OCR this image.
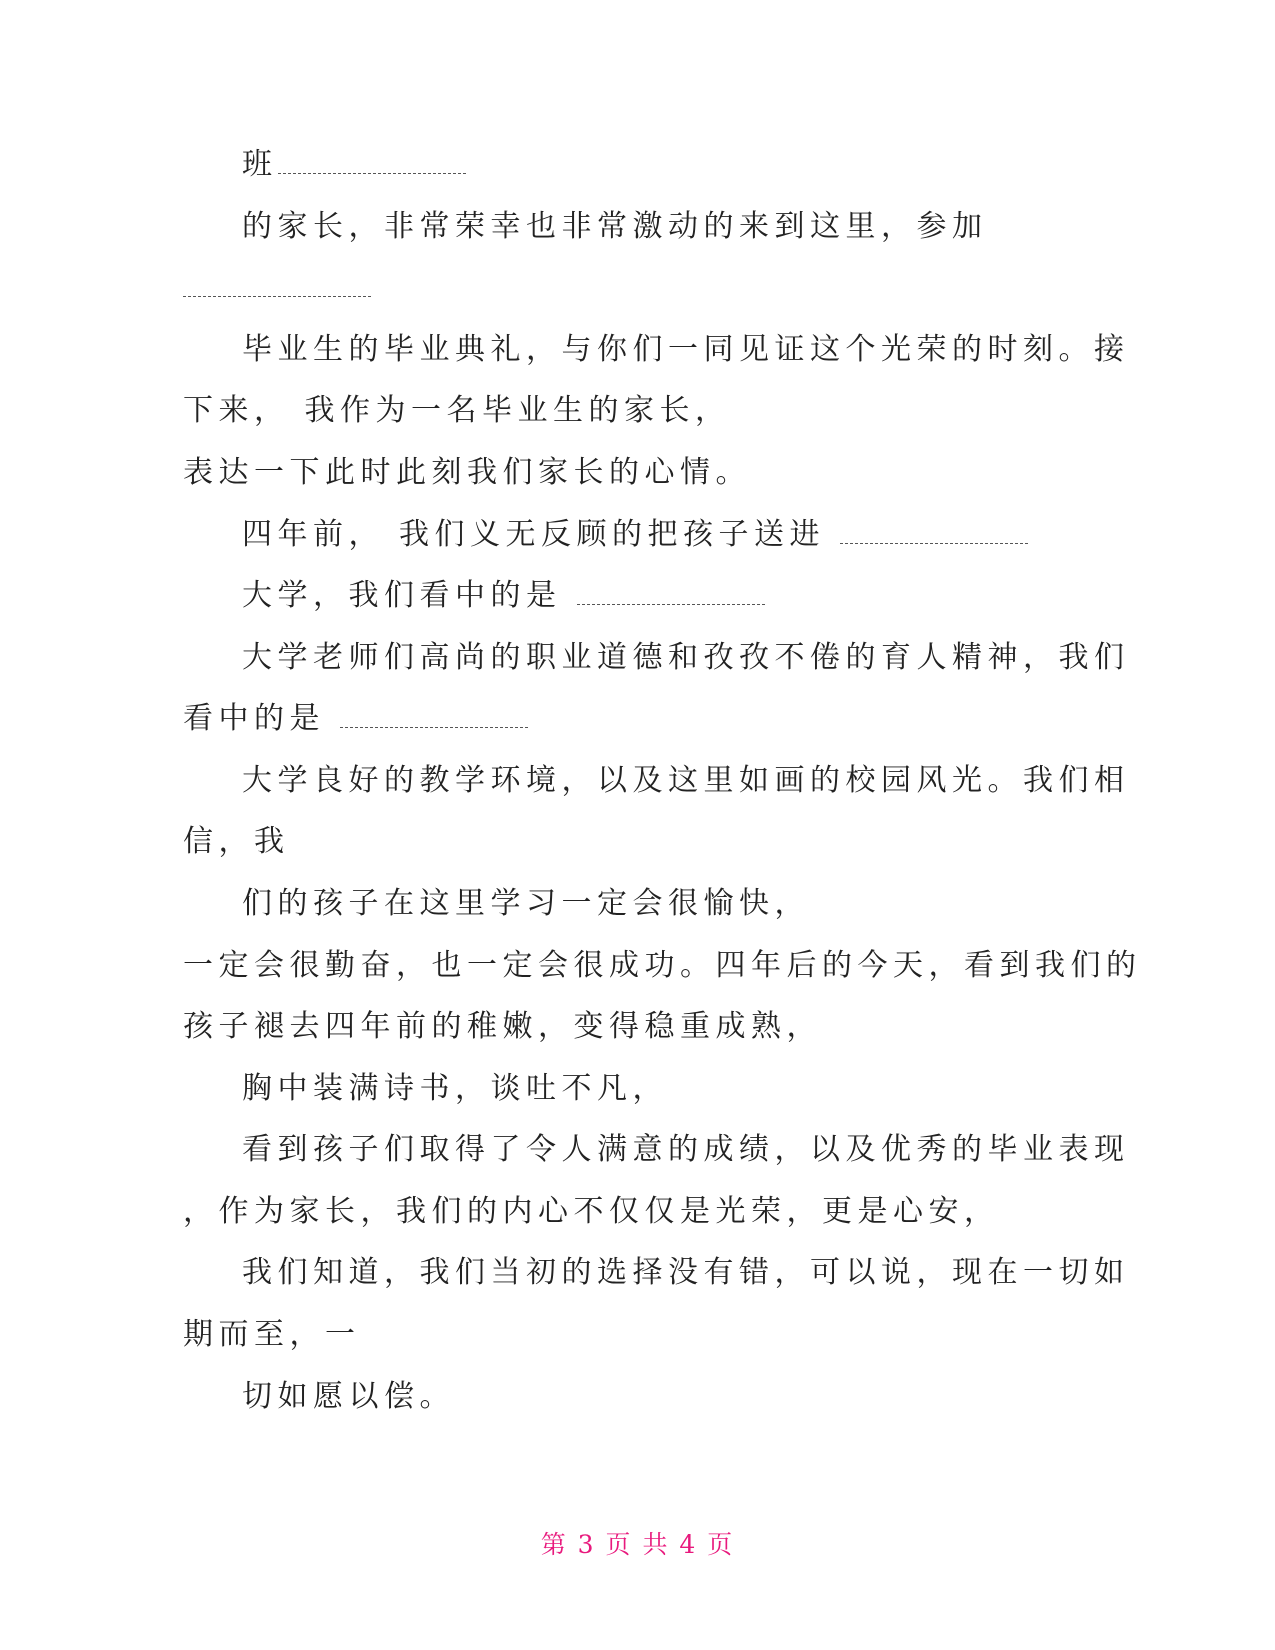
班
的家长，非常荣幸也非常激动的来到这里，参加
毕业生的毕业典礼，与你们一同见证这个光荣的时刻。接
下来， 我作为一名毕业生的家长，
表达一下此时此刻我们家长的心情。
四年前， 我们义无反顾的把孩子送进
大学，我们看中的是
大学老师们高尚的职业道德和孜孜不倦的育人精神，我们
看中的是
大学良好的教学环境，以及这里如画的校园风光。我们相
信，我
们的孩子在这里学习一定会很愉快，
一定会很勤奋，也一定会很成功。四年后的今天，看到我们的
孩子褪去四年前的稚嫩，变得稳重成熟，
胸中装满诗书，谈吐不凡，
看到孩子们取得了令人满意的成绩，以及优秀的毕业表现
，作为家长，我们的内心不仅仅是光荣，更是心安，
我们知道，我们当初的选择没有错，可以说，现在一切如
期而至，一
切如愿以偿。
第 3 页 共 4 页
